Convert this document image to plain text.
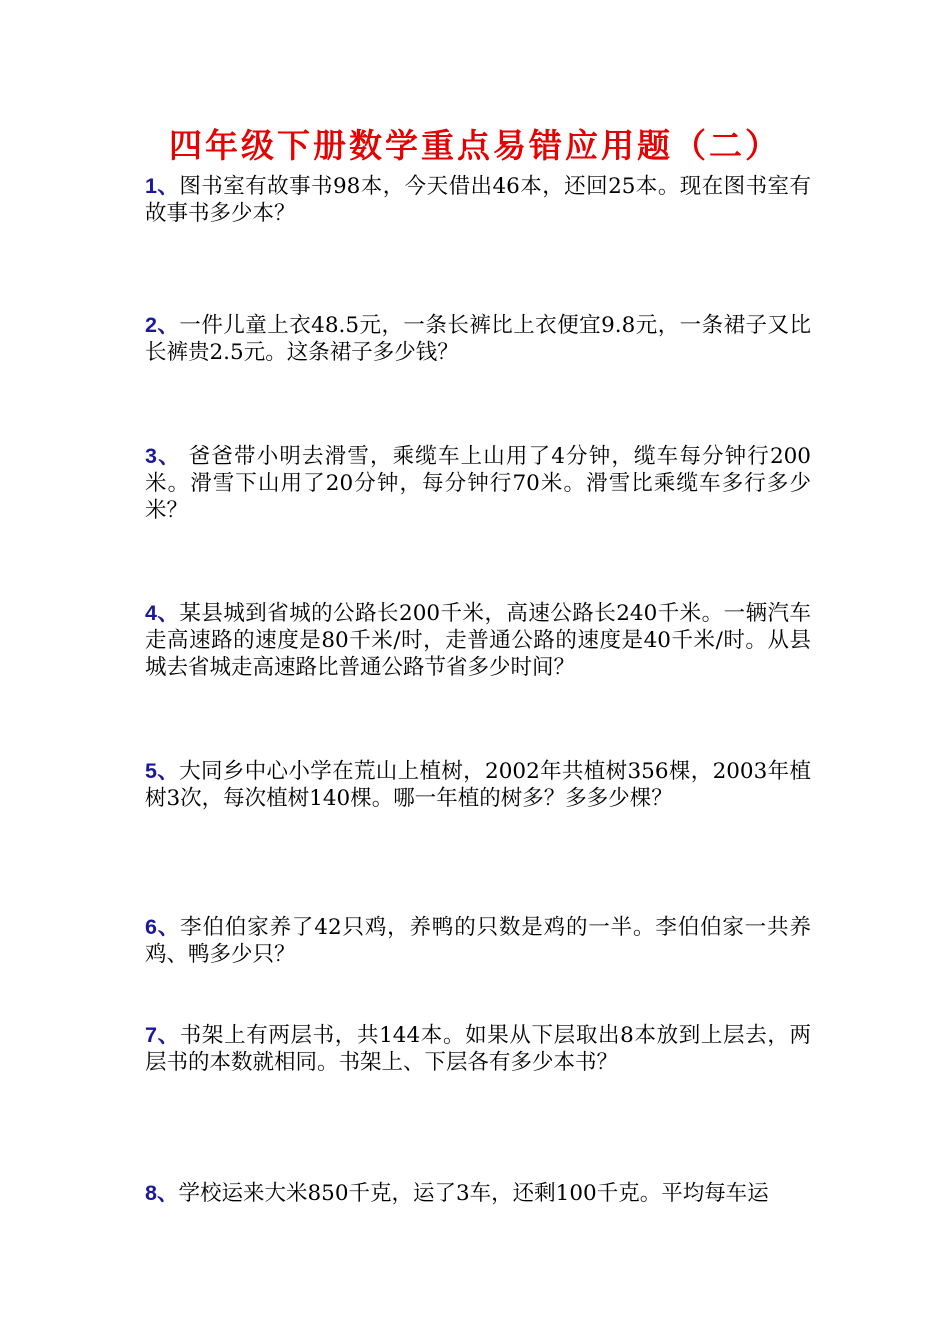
四年级下册数学重点易错应用题（二）

1、图书室有故事书98本，今天借出46本，还回25本。现在图书室有故事书多少本？

2、一件儿童上衣48.5元，一条长裤比上衣便宜9.8元，一条裙子又比长裤贵2.5元。这条裙子多少钱？

3、 爸爸带小明去滑雪，乘缆车上山用了4分钟，缆车每分钟行200米。滑雪下山用了20分钟，每分钟行70米。滑雪比乘缆车多行多少米？

4、某县城到省城的公路长200千米，高速公路长240千米。一辆汽车走高速路的速度是80千米/时，走普通公路的速度是40千米/时。从县城去省城走高速路比普通公路节省多少时间？

5、大同乡中心小学在荒山上植树，2002年共植树356棵，2003年植树3次，每次植树140棵。哪一年植的树多？多多少棵？

6、李伯伯家养了42只鸡，养鸭的只数是鸡的一半。李伯伯家一共养鸡、鸭多少只？

7、书架上有两层书，共144本。如果从下层取出8本放到上层去，两层书的本数就相同。书架上、下层各有多少本书？

8、学校运来大米850千克，运了3车，还剩100千克。平均每车运
